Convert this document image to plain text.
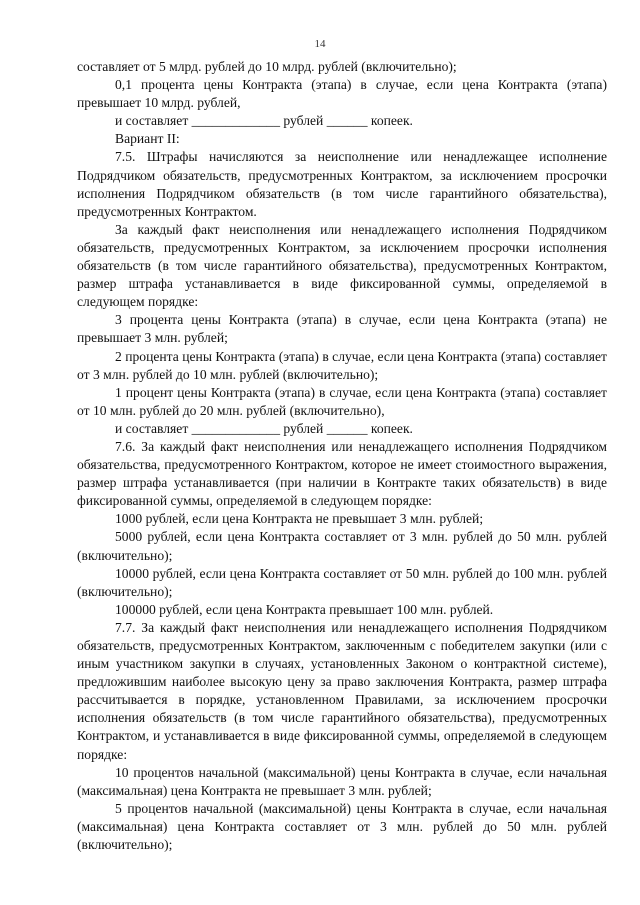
14

составляет от 5 млрд. рублей до 10 млрд. рублей (включительно);

0,1 процента цены Контракта (этапа) в случае, если цена Контракта (этапа) превышает 10 млрд. рублей,

и составляет _____________ рублей ______ копеек.

Вариант II:

7.5. Штрафы начисляются за неисполнение или ненадлежащее исполнение Подрядчиком обязательств, предусмотренных Контрактом, за исключением просрочки исполнения Подрядчиком обязательств (в том числе гарантийного обязательства), предусмотренных Контрактом.

За каждый факт неисполнения или ненадлежащего исполнения Подрядчиком обязательств, предусмотренных Контрактом, за исключением просрочки исполнения обязательств (в том числе гарантийного обязательства), предусмотренных Контрактом, размер штрафа устанавливается в виде фиксированной суммы, определяемой в следующем порядке:

3 процента цены Контракта (этапа) в случае, если цена Контракта (этапа) не превышает 3 млн. рублей;

2 процента цены Контракта (этапа) в случае, если цена Контракта (этапа) составляет от 3 млн. рублей до 10 млн. рублей (включительно);

1 процент цены Контракта (этапа) в случае, если цена Контракта (этапа) составляет от 10 млн. рублей до 20 млн. рублей (включительно),

и составляет _____________ рублей ______ копеек.

7.6. За каждый факт неисполнения или ненадлежащего исполнения Подрядчиком обязательства, предусмотренного Контрактом, которое не имеет стоимостного выражения, размер штрафа устанавливается (при наличии в Контракте таких обязательств) в виде фиксированной суммы, определяемой в следующем порядке:

1000 рублей, если цена Контракта не превышает 3 млн. рублей;

5000 рублей, если цена Контракта составляет от 3 млн. рублей до 50 млн. рублей (включительно);

10000 рублей, если цена Контракта составляет от 50 млн. рублей до 100 млн. рублей (включительно);

100000 рублей, если цена Контракта превышает 100 млн. рублей.

7.7. За каждый факт неисполнения или ненадлежащего исполнения Подрядчиком обязательств, предусмотренных Контрактом, заключенным с победителем закупки (или с иным участником закупки в случаях, установленных Законом о контрактной системе), предложившим наиболее высокую цену за право заключения Контракта, размер штрафа рассчитывается в порядке, установленном Правилами, за исключением просрочки исполнения обязательств (в том числе гарантийного обязательства), предусмотренных Контрактом, и устанавливается в виде фиксированной суммы, определяемой в следующем порядке:

10 процентов начальной (максимальной) цены Контракта в случае, если начальная (максимальная) цена Контракта не превышает 3 млн. рублей;

5 процентов начальной (максимальной) цены Контракта в случае, если начальная (максимальная) цена Контракта составляет от 3 млн. рублей до 50 млн. рублей (включительно);
